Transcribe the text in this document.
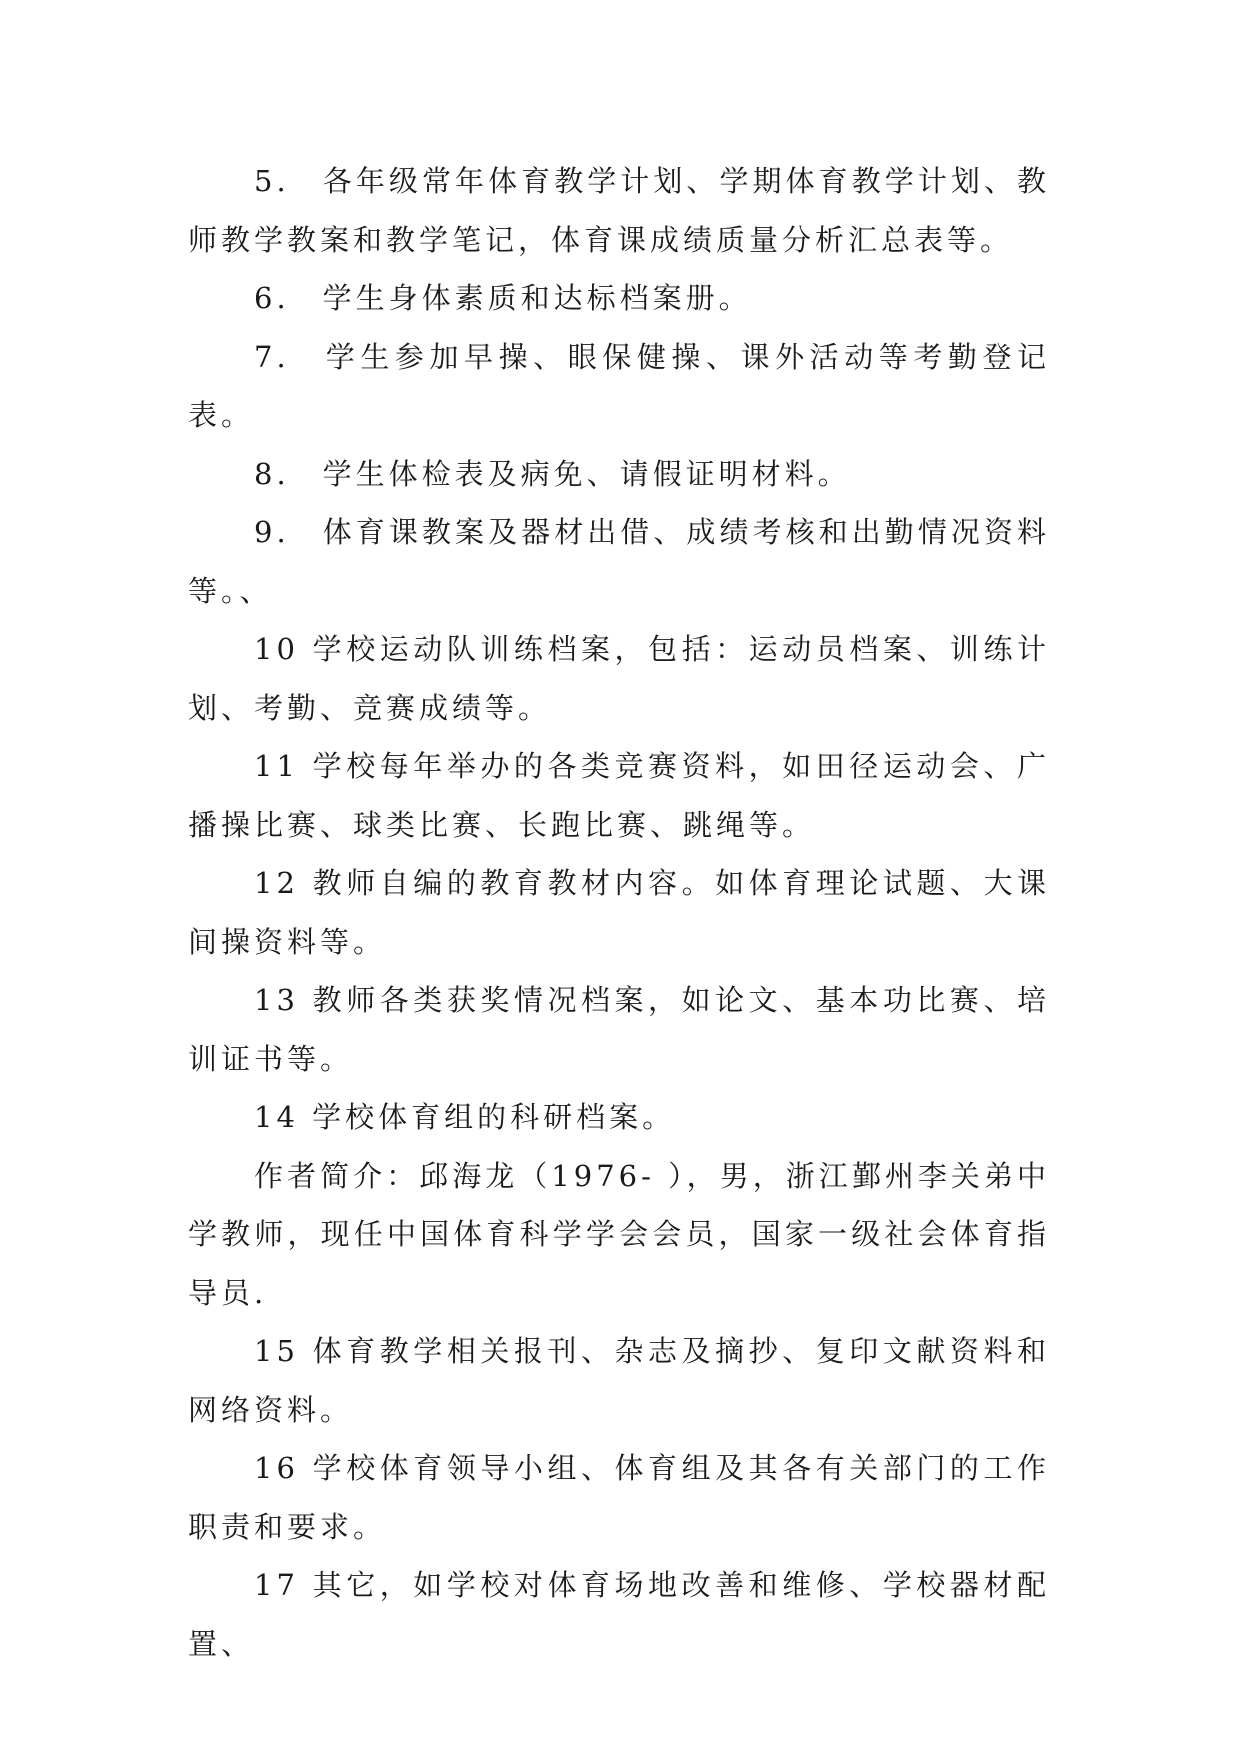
5.　各年级常年体育教学计划、学期体育教学计划、教师教学教案和教学笔记，体育课成绩质量分析汇总表等。

6.　学生身体素质和达标档案册。

7.　学生参加早操、眼保健操、课外活动等考勤登记表。

8.　学生体检表及病免、请假证明材料。

9.　体育课教案及器材出借、成绩考核和出勤情况资料等。、

10 学校运动队训练档案，包括：运动员档案、训练计划、考勤、竞赛成绩等。

11 学校每年举办的各类竞赛资料，如田径运动会、广播操比赛、球类比赛、长跑比赛、跳绳等。

12 教师自编的教育教材内容。如体育理论试题、大课间操资料等。

13 教师各类获奖情况档案，如论文、基本功比赛、培训证书等。

14 学校体育组的科研档案。

作者简介：邱海龙（1976- ），男，浙江鄞州李关弟中学教师，现任中国体育科学学会会员，国家一级社会体育指导员.

15 体育教学相关报刊、杂志及摘抄、复印文献资料和网络资料。

16 学校体育领导小组、体育组及其各有关部门的工作职责和要求。

17 其它，如学校对体育场地改善和维修、学校器材配置、
